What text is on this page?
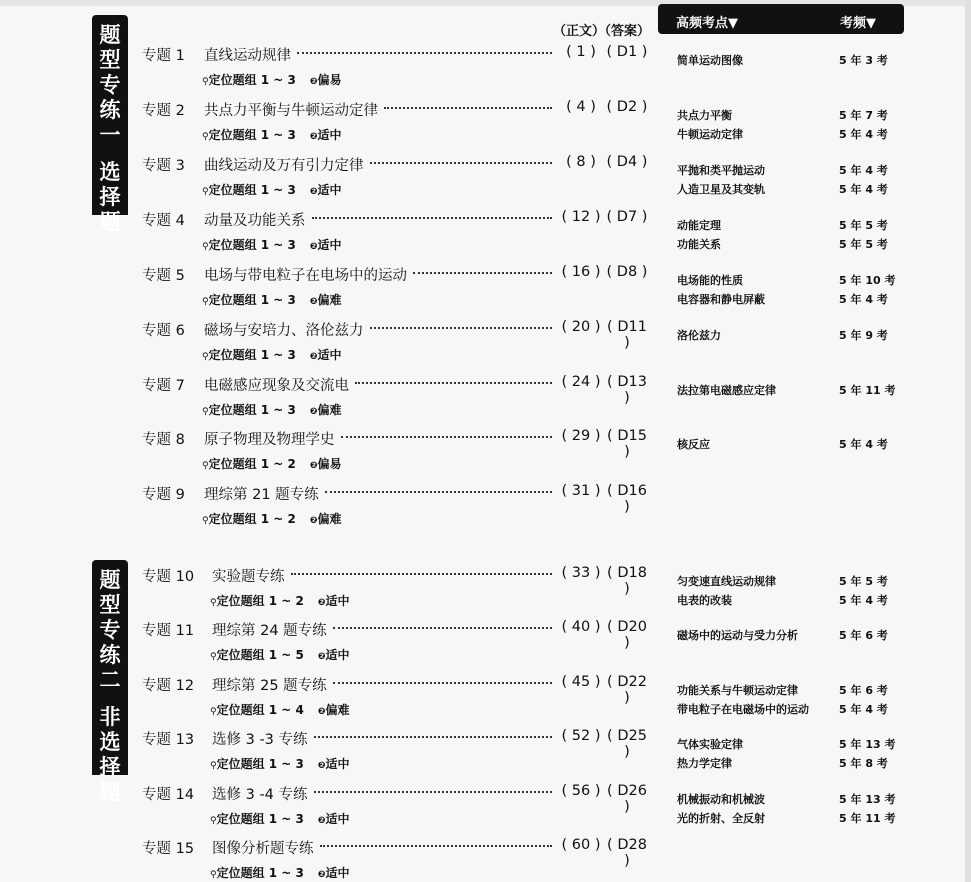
题型专练一
选择题
题型专练二
非选择题
（正文）
（答案）
高频考点▼	考频▼
专题 1 直线运动规律	( 1 ) ( D1 )
⚲定位题组 1 ~ 3 ❷偏易
简单运动图像	5 年 3 考
专题 2 共点力平衡与牛顿运动定律	( 4 ) ( D2 )
⚲定位题组 1 ~ 3 ❷适中
共点力平衡	5 年 7 考
牛顿运动定律	5 年 4 考
专题 3 曲线运动及万有引力定律	( 8 ) ( D4 )
⚲定位题组 1 ~ 3 ❷适中
平抛和类平抛运动	5 年 4 考
人造卫星及其变轨	5 年 4 考
专题 4 动量及功能关系	( 12 ) ( D7 )
⚲定位题组 1 ~ 3 ❷适中
动能定理	5 年 5 考
功能关系	5 年 5 考
专题 5 电场与带电粒子在电场中的运动	( 16 ) ( D8 )
⚲定位题组 1 ~ 3 ❷偏难
电场能的性质	5 年 10 考
电容器和静电屏蔽	5 年 4 考
专题 6 磁场与安培力、洛伦兹力	( 20 ) ( D11 )
⚲定位题组 1 ~ 3 ❷适中
洛伦兹力	5 年 9 考
专题 7 电磁感应现象及交流电	( 24 ) ( D13 )
⚲定位题组 1 ~ 3 ❷偏难
法拉第电磁感应定律	5 年 11 考
专题 8 原子物理及物理学史	( 29 ) ( D15 )
⚲定位题组 1 ~ 2 ❷偏易
核反应	5 年 4 考
专题 9 理综第 21 题专练	( 31 ) ( D16 )
⚲定位题组 1 ~ 2 ❷偏难
专题 10 实验题专练	( 33 ) ( D18 )
⚲定位题组 1 ~ 2 ❷适中
匀变速直线运动规律	5 年 5 考
电表的改装	5 年 4 考
专题 11 理综第 24 题专练	( 40 ) ( D20 )
⚲定位题组 1 ~ 5 ❷适中
磁场中的运动与受力分析	5 年 6 考
专题 12 理综第 25 题专练	( 45 ) ( D22 )
⚲定位题组 1 ~ 4 ❷偏难
功能关系与牛顿运动定律	5 年 6 考
带电粒子在电磁场中的运动	5 年 4 考
专题 13 选修 3 -3 专练	( 52 ) ( D25 )
⚲定位题组 1 ~ 3 ❷适中
气体实验定律	5 年 13 考
热力学定律	5 年 8 考
专题 14 选修 3 -4 专练	( 56 ) ( D26 )
⚲定位题组 1 ~ 3 ❷适中
机械振动和机械波	5 年 13 考
光的折射、全反射	5 年 11 考
专题 15 图像分析题专练	( 60 ) ( D28 )
⚲定位题组 1 ~ 3 ❷适中
